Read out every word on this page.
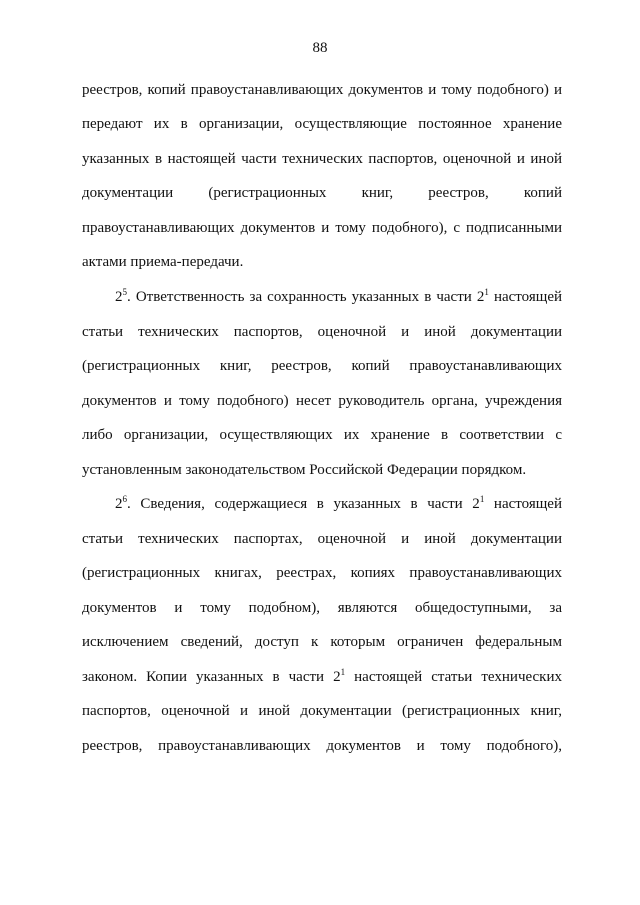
88
реестров, копий правоустанавливающих документов и тому подобного) и
передают их в организации, осуществляющие постоянное хранение
указанных в настоящей части технических паспортов, оценочной и иной
документации (регистрационных книг, реестров, копий
правоустанавливающих документов и тому подобного), с подписанными
актами приема-передачи.
$2^5$. Ответственность за сохранность указанных в части $2^1$ настоящей
статьи технических паспортов, оценочной и иной документации
(регистрационных книг, реестров, копий правоустанавливающих
документов и тому подобного) несет руководитель органа, учреждения
либо организации, осуществляющих их хранение в соответствии с
установленным законодательством Российской Федерации порядком.
$2^6$. Сведения, содержащиеся в указанных в части $2^1$ настоящей
статьи технических паспортах, оценочной и иной документации
(регистрационных книгах, реестрах, копиях правоустанавливающих
документов и тому подобном), являются общедоступными, за
исключением сведений, доступ к которым ограничен федеральным
законом. Копии указанных в части $2^1$ настоящей статьи технических
паспортов, оценочной и иной документации (регистрационных книг,
реестров, правоустанавливающих документов и тому подобного),
